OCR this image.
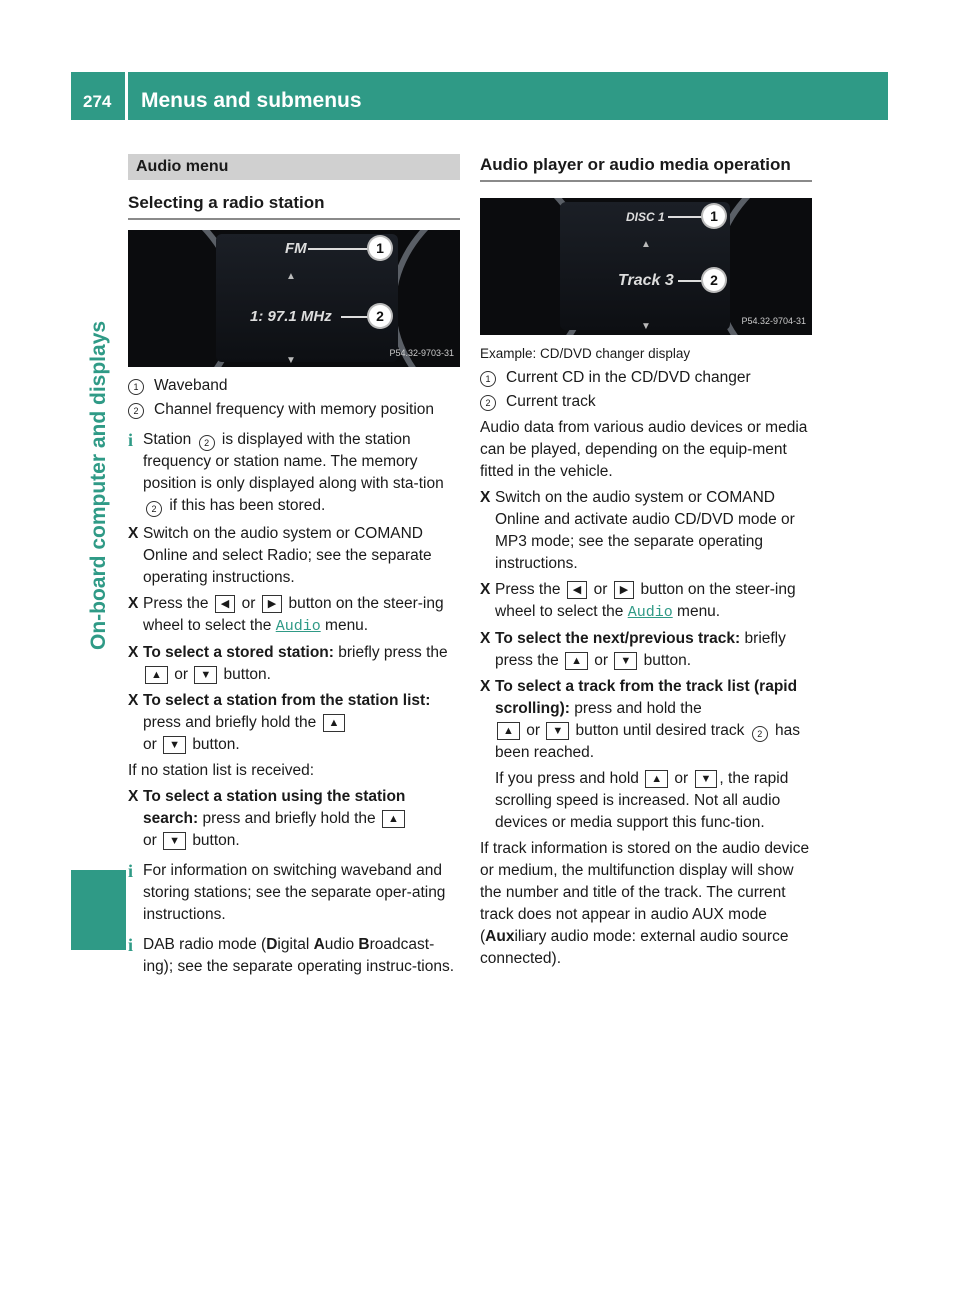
274 Menus and submenus
On-board computer and displays
Audio menu
Selecting a radio station
FM	1
▲
1: 97.1 MHz	2
▼
P54.32-9703-31
1	Waveband
2	Channel frequency with memory position
i Station 2 is displayed with the station frequency or station name. The memory position is only displayed along with sta-tion 2 if this has been stored.
X Switch on the audio system or COMAND Online and select Radio; see the separate operating instructions.
X Press the ◀ or ▶ button on the steer-ing wheel to select the Audio menu.
X To select a stored station: briefly press the ▲ or ▼ button.
X To select a station from the station list: press and briefly hold the ▲
or ▼ button.
If no station list is received:
X To select a station using the station search: press and briefly hold the ▲
or ▼ button.
i For information on switching waveband and storing stations; see the separate oper-ating instructions.
i DAB radio mode (Digital Audio Broadcast-ing); see the separate operating instruc-tions.
Audio player or audio media operation
DISC 1	1
▲
Track 3	2
▼	P54.32-9704-31
Example: CD/DVD changer display
1	Current CD in the CD/DVD changer
2	Current track
Audio data from various audio devices or media can be played, depending on the equip-ment fitted in the vehicle.
X Switch on the audio system or COMAND Online and activate audio CD/DVD mode or MP3 mode; see the separate operating instructions.
X Press the ◀ or ▶ button on the steer-ing wheel to select the Audio menu.
X To select the next/previous track: briefly press the ▲ or ▼ button.
X To select a track from the track list (rapid scrolling): press and hold the
▲ or ▼ button until desired track 2 has been reached.
If you press and hold ▲ or ▼ , the rapid scrolling speed is increased. Not all audio devices or media support this func-tion.
If track information is stored on the audio device or medium, the multifunction display will show the number and title of the track. The current track does not appear in audio AUX mode (Auxiliary audio mode: external audio source connected).
